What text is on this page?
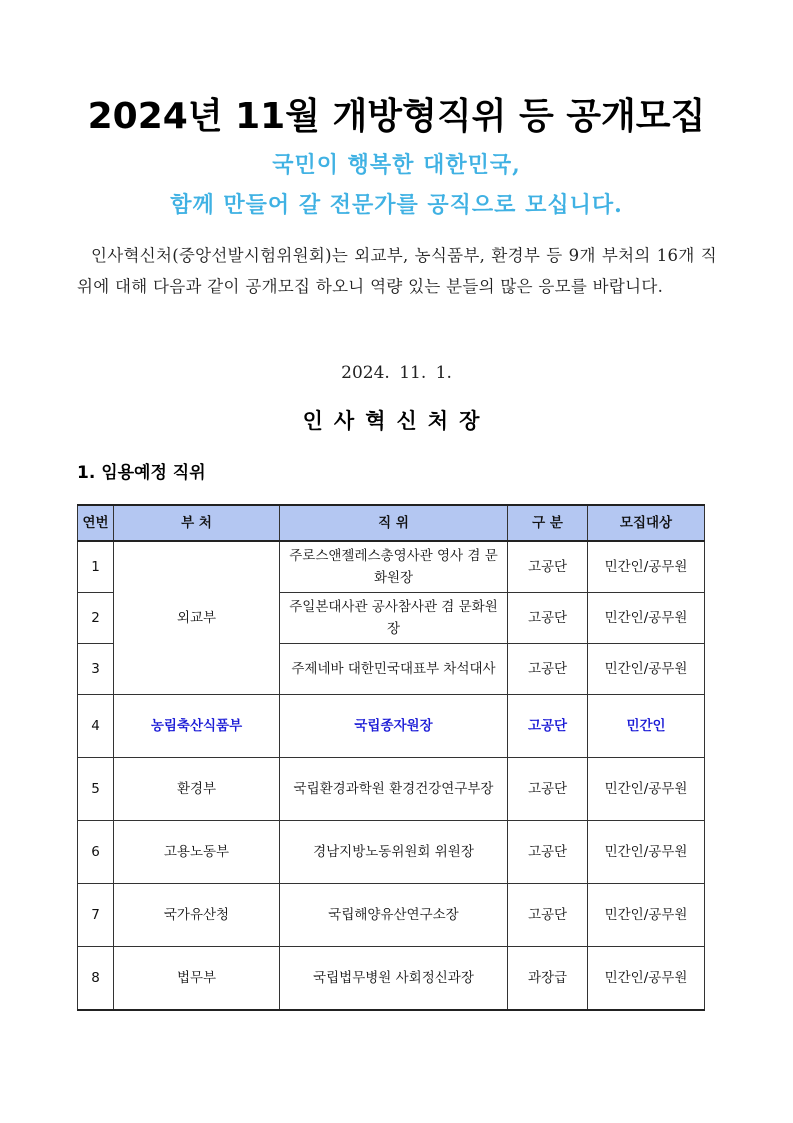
2024년 11월 개방형직위 등 공개모집
국민이 행복한 대한민국,
함께 만들어 갈 전문가를 공직으로 모십니다.
인사혁신처(중앙선발시험위원회)는 외교부, 농식품부, 환경부 등 9개 부처의 16개 직위에 대해 다음과 같이 공개모집 하오니 역량 있는 분들의 많은 응모를 바랍니다.
2024. 11. 1.
인사혁신처장
1. 임용예정 직위
연번	부 처	직 위	구 분	모집대상
1	외교부	주로스앤젤레스총영사관 영사 겸 문화원장	고공단	민간인/공무원
2		주일본대사관 공사참사관 겸 문화원장	고공단	민간인/공무원
3		주제네바 대한민국대표부 차석대사	고공단	민간인/공무원
4	농림축산식품부	국립종자원장	고공단	민간인
5	환경부	국립환경과학원 환경건강연구부장	고공단	민간인/공무원
6	고용노동부	경남지방노동위원회 위원장	고공단	민간인/공무원
7	국가유산청	국립해양유산연구소장	고공단	민간인/공무원
8	법무부	국립법무병원 사회정신과장	과장급	민간인/공무원
